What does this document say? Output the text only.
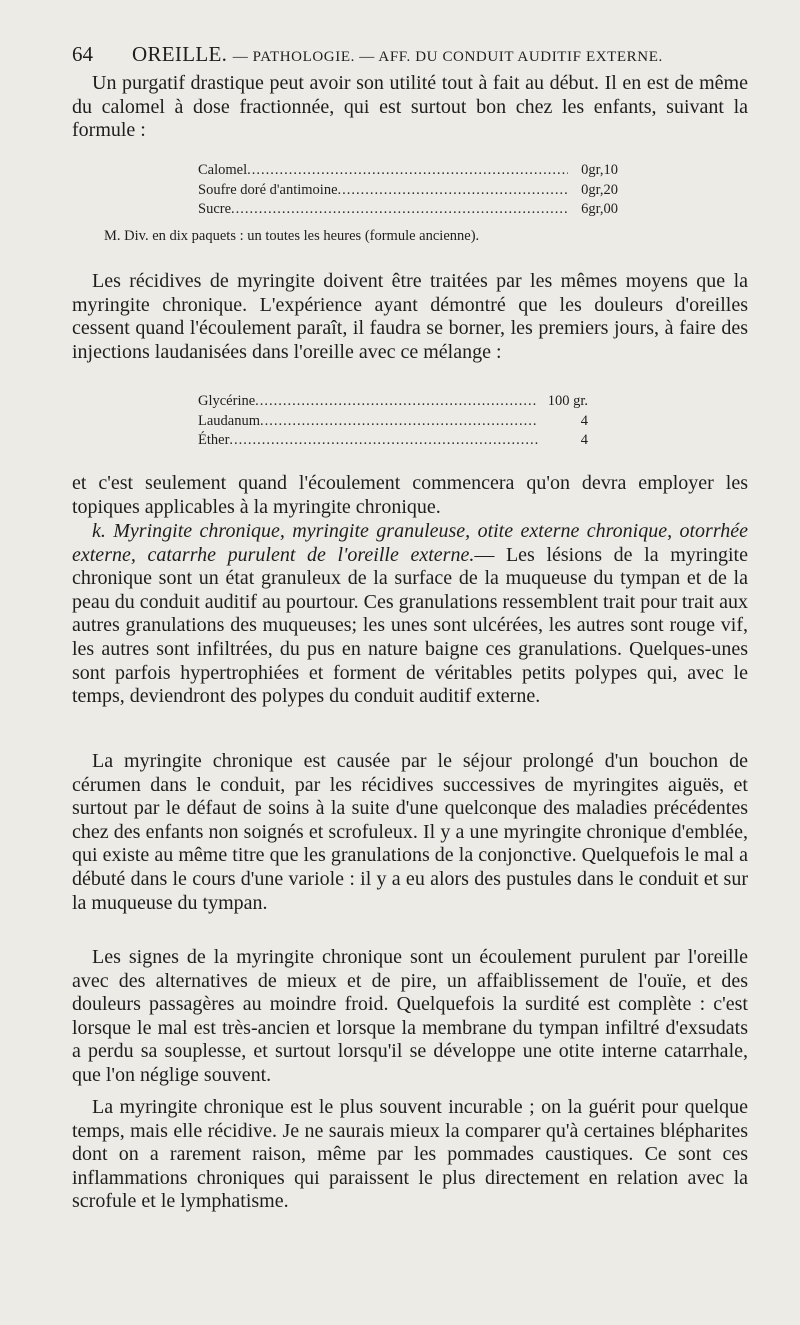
64 OREILLE. — PATHOLOGIE. — AFF. DU CONDUIT AUDITIF EXTERNE.

Un purgatif drastique peut avoir son utilité tout à fait au début. Il en est de même du calomel à dose fractionnée, qui est surtout bon chez les enfants, suivant la formule :

Calomel .....	0gr,10
Soufre doré d'antimoine .....	0gr,20
Sucre .....	6gr,00
M. Div. en dix paquets : un toutes les heures (formule ancienne).

Les récidives de myringite doivent être traitées par les mêmes moyens que la myringite chronique. L'expérience ayant démontré que les douleurs d'oreilles cessent quand l'écoulement paraît, il faudra se borner, les premiers jours, à faire des injections laudanisées dans l'oreille avec ce mélange :

Glycérine .....	100 gr.
Laudanum .....	4
Éther .....	4

et c'est seulement quand l'écoulement commencera qu'on devra employer les topiques applicables à la myringite chronique.

k. Myringite chronique, myringite granuleuse, otite externe chronique, otorrhée externe, catarrhe purulent de l'oreille externe.— Les lésions de la myringite chronique sont un état granuleux de la surface de la muqueuse du tympan et de la peau du conduit auditif au pourtour. Ces granulations ressemblent trait pour trait aux autres granulations des muqueuses; les unes sont ulcérées, les autres sont rouge vif, les autres sont infiltrées, du pus en nature baigne ces granulations. Quelques-unes sont parfois hypertrophiées et forment de véritables petits polypes qui, avec le temps, deviendront des polypes du conduit auditif externe.

La myringite chronique est causée par le séjour prolongé d'un bouchon de cérumen dans le conduit, par les récidives successives de myringites aiguës, et surtout par le défaut de soins à la suite d'une quelconque des maladies précédentes chez des enfants non soignés et scrofuleux. Il y a une myringite chronique d'emblée, qui existe au même titre que les granulations de la conjonctive. Quelquefois le mal a débuté dans le cours d'une variole : il y a eu alors des pustules dans le conduit et sur la muqueuse du tympan.

Les signes de la myringite chronique sont un écoulement purulent par l'oreille avec des alternatives de mieux et de pire, un affaiblissement de l'ouïe, et des douleurs passagères au moindre froid. Quelquefois la surdité est complète : c'est lorsque le mal est très-ancien et lorsque la membrane du tympan infiltré d'exsudats a perdu sa souplesse, et surtout lorsqu'il se développe une otite interne catarrhale, que l'on néglige souvent.

La myringite chronique est le plus souvent incurable ; on la guérit pour quelque temps, mais elle récidive. Je ne saurais mieux la comparer qu'à certaines blépharites dont on a rarement raison, même par les pommades caustiques. Ce sont ces inflammations chroniques qui paraissent le plus directement en relation avec la scrofule et le lymphatisme.
